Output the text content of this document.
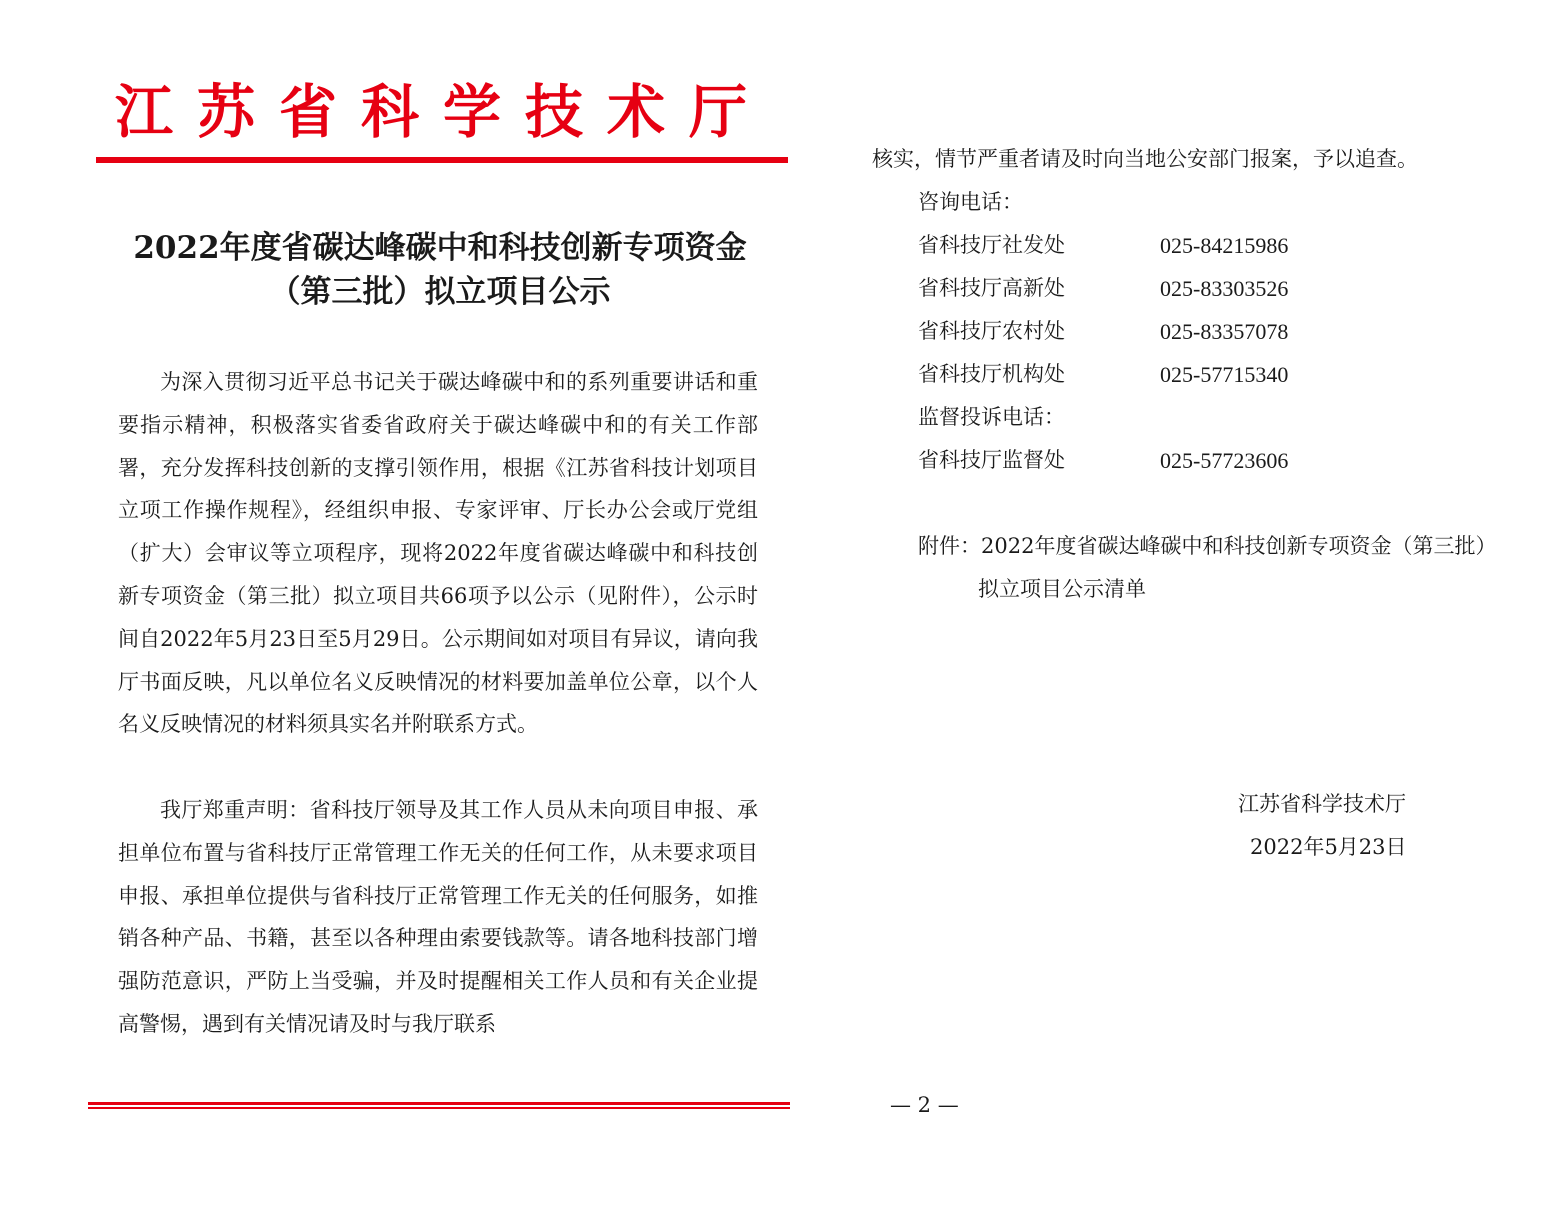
江苏省科学技术厅
2022年度省碳达峰碳中和科技创新专项资金
（第三批）拟立项目公示

为深入贯彻习近平总书记关于碳达峰碳中和的系列重要讲话和重要指示精神，积极落实省委省政府关于碳达峰碳中和的有关工作部署，充分发挥科技创新的支撑引领作用，根据《江苏省科技计划项目立项工作操作规程》，经组织申报、专家评审、厅长办公会或厅党组（扩大）会审议等立项程序，现将2022年度省碳达峰碳中和科技创新专项资金（第三批）拟立项目共66项予以公示（见附件），公示时间自2022年5月23日至5月29日。公示期间如对项目有异议，请向我厅书面反映，凡以单位名义反映情况的材料要加盖单位公章，以个人名义反映情况的材料须具实名并附联系方式。

我厅郑重声明：省科技厅领导及其工作人员从未向项目申报、承担单位布置与省科技厅正常管理工作无关的任何工作，从未要求项目申报、承担单位提供与省科技厅正常管理工作无关的任何服务，如推销各种产品、书籍，甚至以各种理由索要钱款等。请各地科技部门增强防范意识，严防上当受骗，并及时提醒相关工作人员和有关企业提高警惕，遇到有关情况请及时与我厅联系

核实，情节严重者请及时向当地公安部门报案，予以追查。
咨询电话：
省科技厅社发处	025-84215986
省科技厅高新处	025-83303526
省科技厅农村处	025-83357078
省科技厅机构处	025-57715340
监督投诉电话：
省科技厅监督处	025-57723606
附件：2022年度省碳达峰碳中和科技创新专项资金（第三批）
拟立项目公示清单
江苏省科学技术厅
2022年5月23日
— 2 —
